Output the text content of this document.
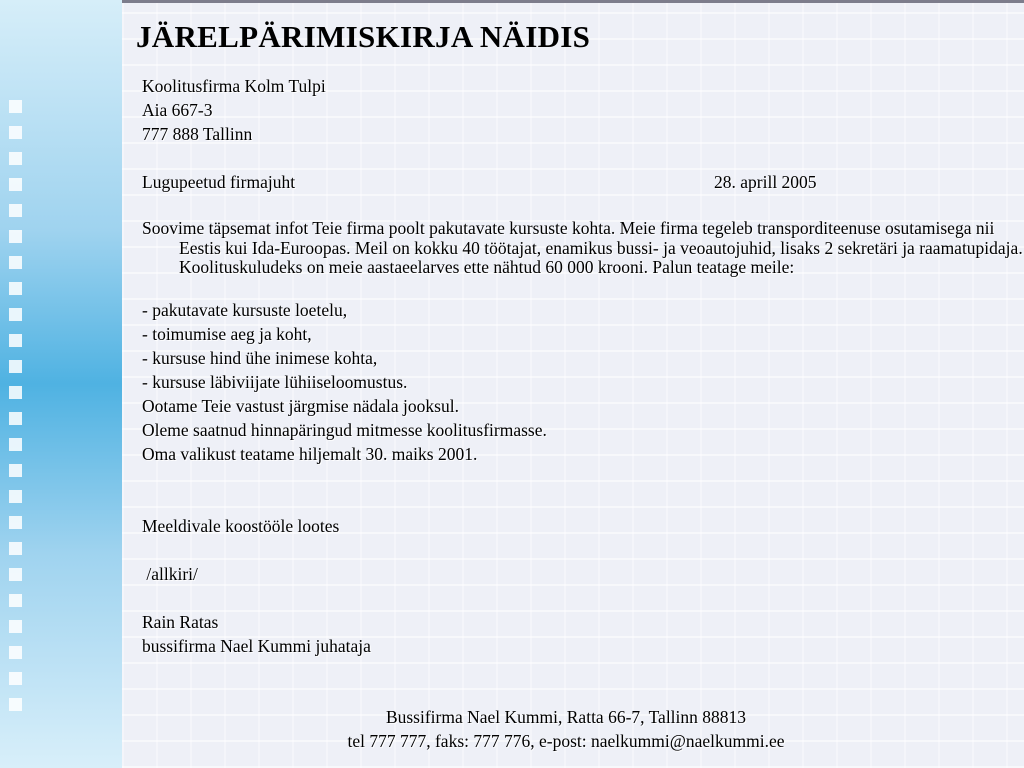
JÄRELPÄRIMISKIRJA NÄIDIS
Koolitusfirma Kolm Tulpi
Aia 667-3
777 888 Tallinn
Lugupeetud firmajuht	28. aprill 2005
Soovime täpsemat infot Teie firma poolt pakutavate kursuste kohta. Meie firma tegeleb transporditeenuse osutamisega nii Eestis kui Ida-Euroopas. Meil on kokku 40 töötajat, enamikus bussi- ja veoautojuhid, lisaks 2 sekretäri ja raamatupidaja. Koolituskuludeks on meie aastaeelarves ette nähtud 60 000 krooni. Palun teatage meile:
- pakutavate kursuste loetelu,
- toimumise aeg ja koht,
- kursuse hind ühe inimese kohta,
- kursuse läbiviijate lühiiseloomustus.
Ootame Teie vastust järgmise nädala jooksul.
Oleme saatnud hinnapäringud mitmesse koolitusfirmasse.
Oma valikust teatame hiljemalt 30. maiks 2001.
Meeldivale koostööle lootes
/allkiri/
Rain Ratas
bussifirma Nael Kummi juhataja
Bussifirma Nael Kummi, Ratta 66-7, Tallinn 88813
tel 777 777, faks: 777 776, e-post: naelkummi@naelkummi.ee
